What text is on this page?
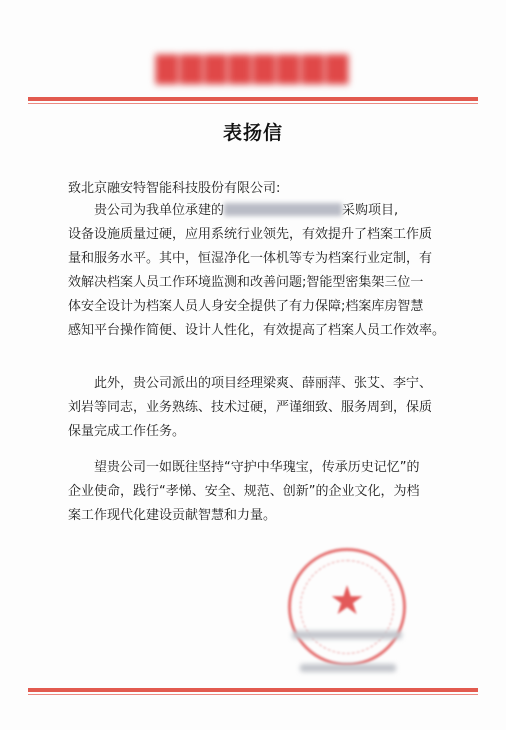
▇▇▇▇▇▇▇▇
表扬信
致北京融安特智能科技股份有限公司:
贵公司为我单位承建的	采购项目,
设备设施质量过硬，应用系统行业领先，有效提升了档案工作质
量和服务水平。其中，恒湿净化一体机等专为档案行业定制，有
效解决档案人员工作环境监测和改善问题;智能型密集架三位一
体安全设计为档案人员人身安全提供了有力保障;档案库房智慧
感知平台操作简便、设计人性化，有效提高了档案人员工作效率。
此外，贵公司派出的项目经理梁爽、薛丽萍、张艾、李宁、
刘岩等同志，业务熟练、技术过硬，严谨细致、服务周到，保质
保量完成工作任务。
望贵公司一如既往坚持“守护中华瑰宝，传承历史记忆”的
企业使命，践行“孝悌、安全、规范、创新”的企业文化，为档
案工作现代化建设贡献智慧和力量。
★
